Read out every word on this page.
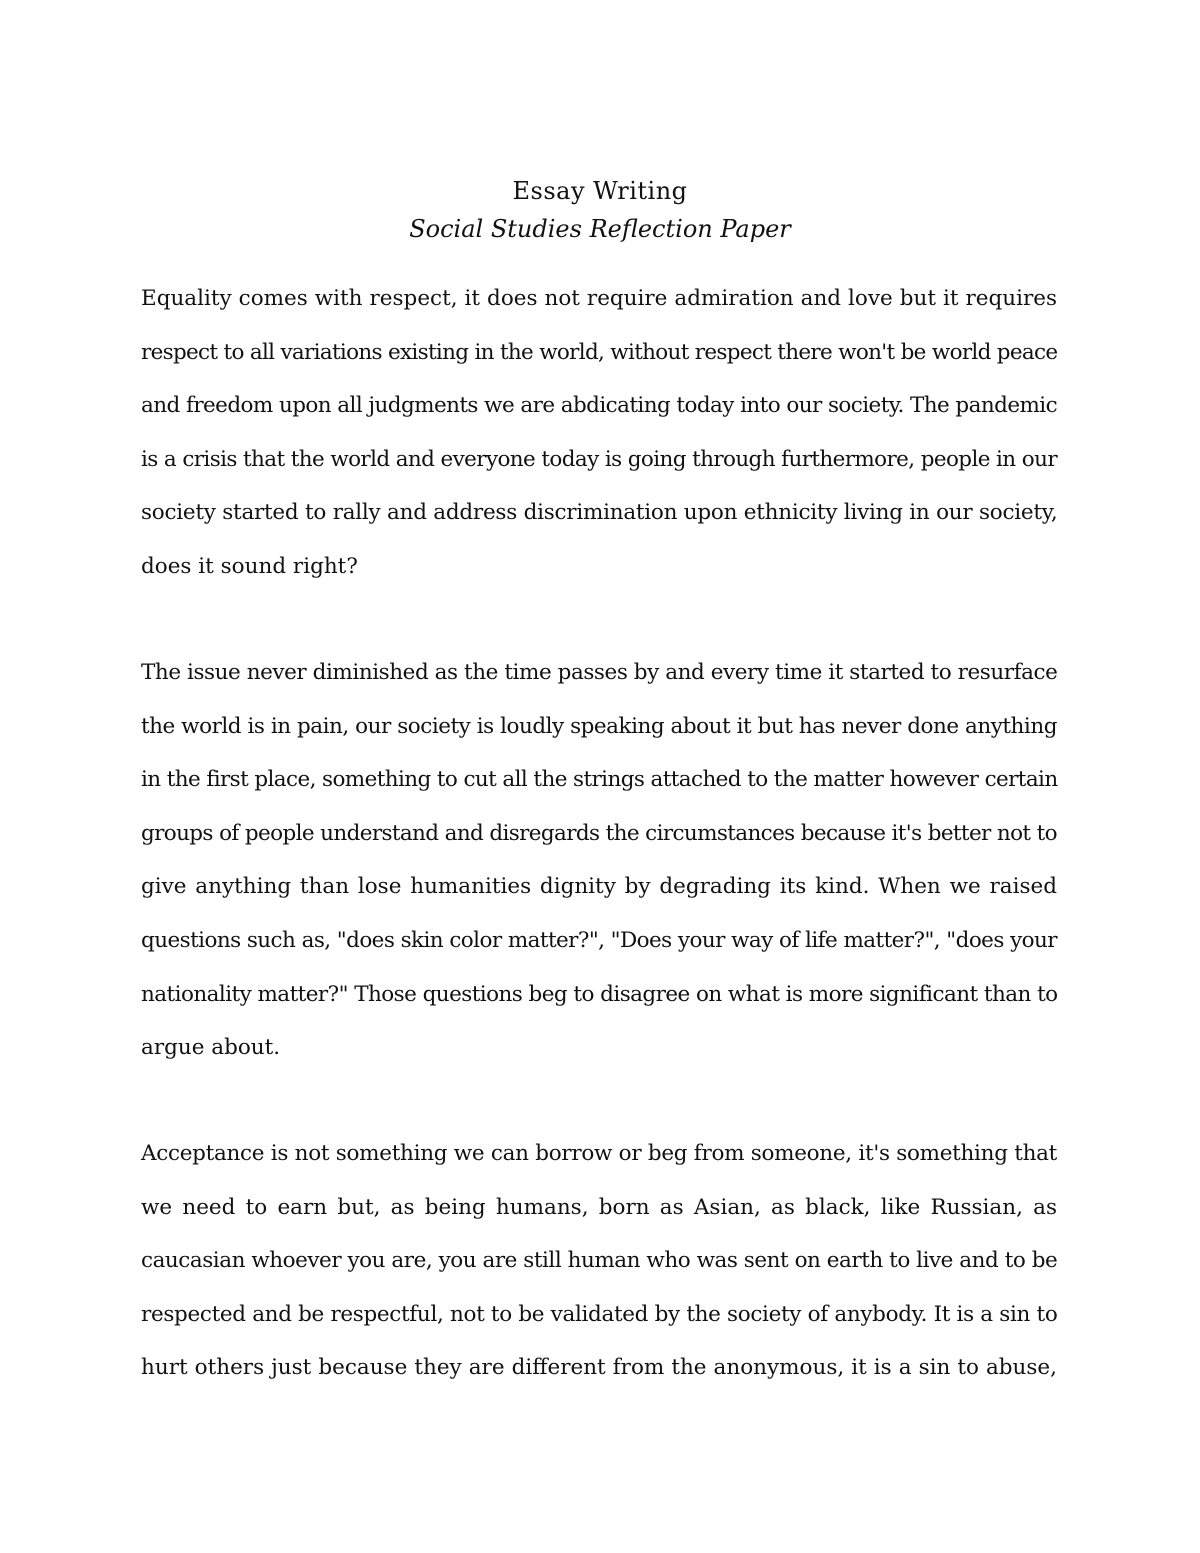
Essay Writing
Social Studies Reflection Paper
Equality comes with respect, it does not require admiration and love but it requires
respect to all variations existing in the world, without respect there won't be world peace
and freedom upon all judgments we are abdicating today into our society. The pandemic
is a crisis that the world and everyone today is going through furthermore, people in our
society started to rally and address discrimination upon ethnicity living in our society,
does it sound right?
The issue never diminished as the time passes by and every time it started to resurface
the world is in pain, our society is loudly speaking about it but has never done anything
in the first place, something to cut all the strings attached to the matter however certain
groups of people understand and disregards the circumstances because it's better not to
give anything than lose humanities dignity by degrading its kind. When we raised
questions such as, "does skin color matter?", "Does your way of life matter?", "does your
nationality matter?" Those questions beg to disagree on what is more significant than to
argue about.
Acceptance is not something we can borrow or beg from someone, it's something that
we need to earn but, as being humans, born as Asian, as black, like Russian, as
caucasian whoever you are, you are still human who was sent on earth to live and to be
respected and be respectful, not to be validated by the society of anybody. It is a sin to
hurt others just because they are different from the anonymous, it is a sin to abuse,
